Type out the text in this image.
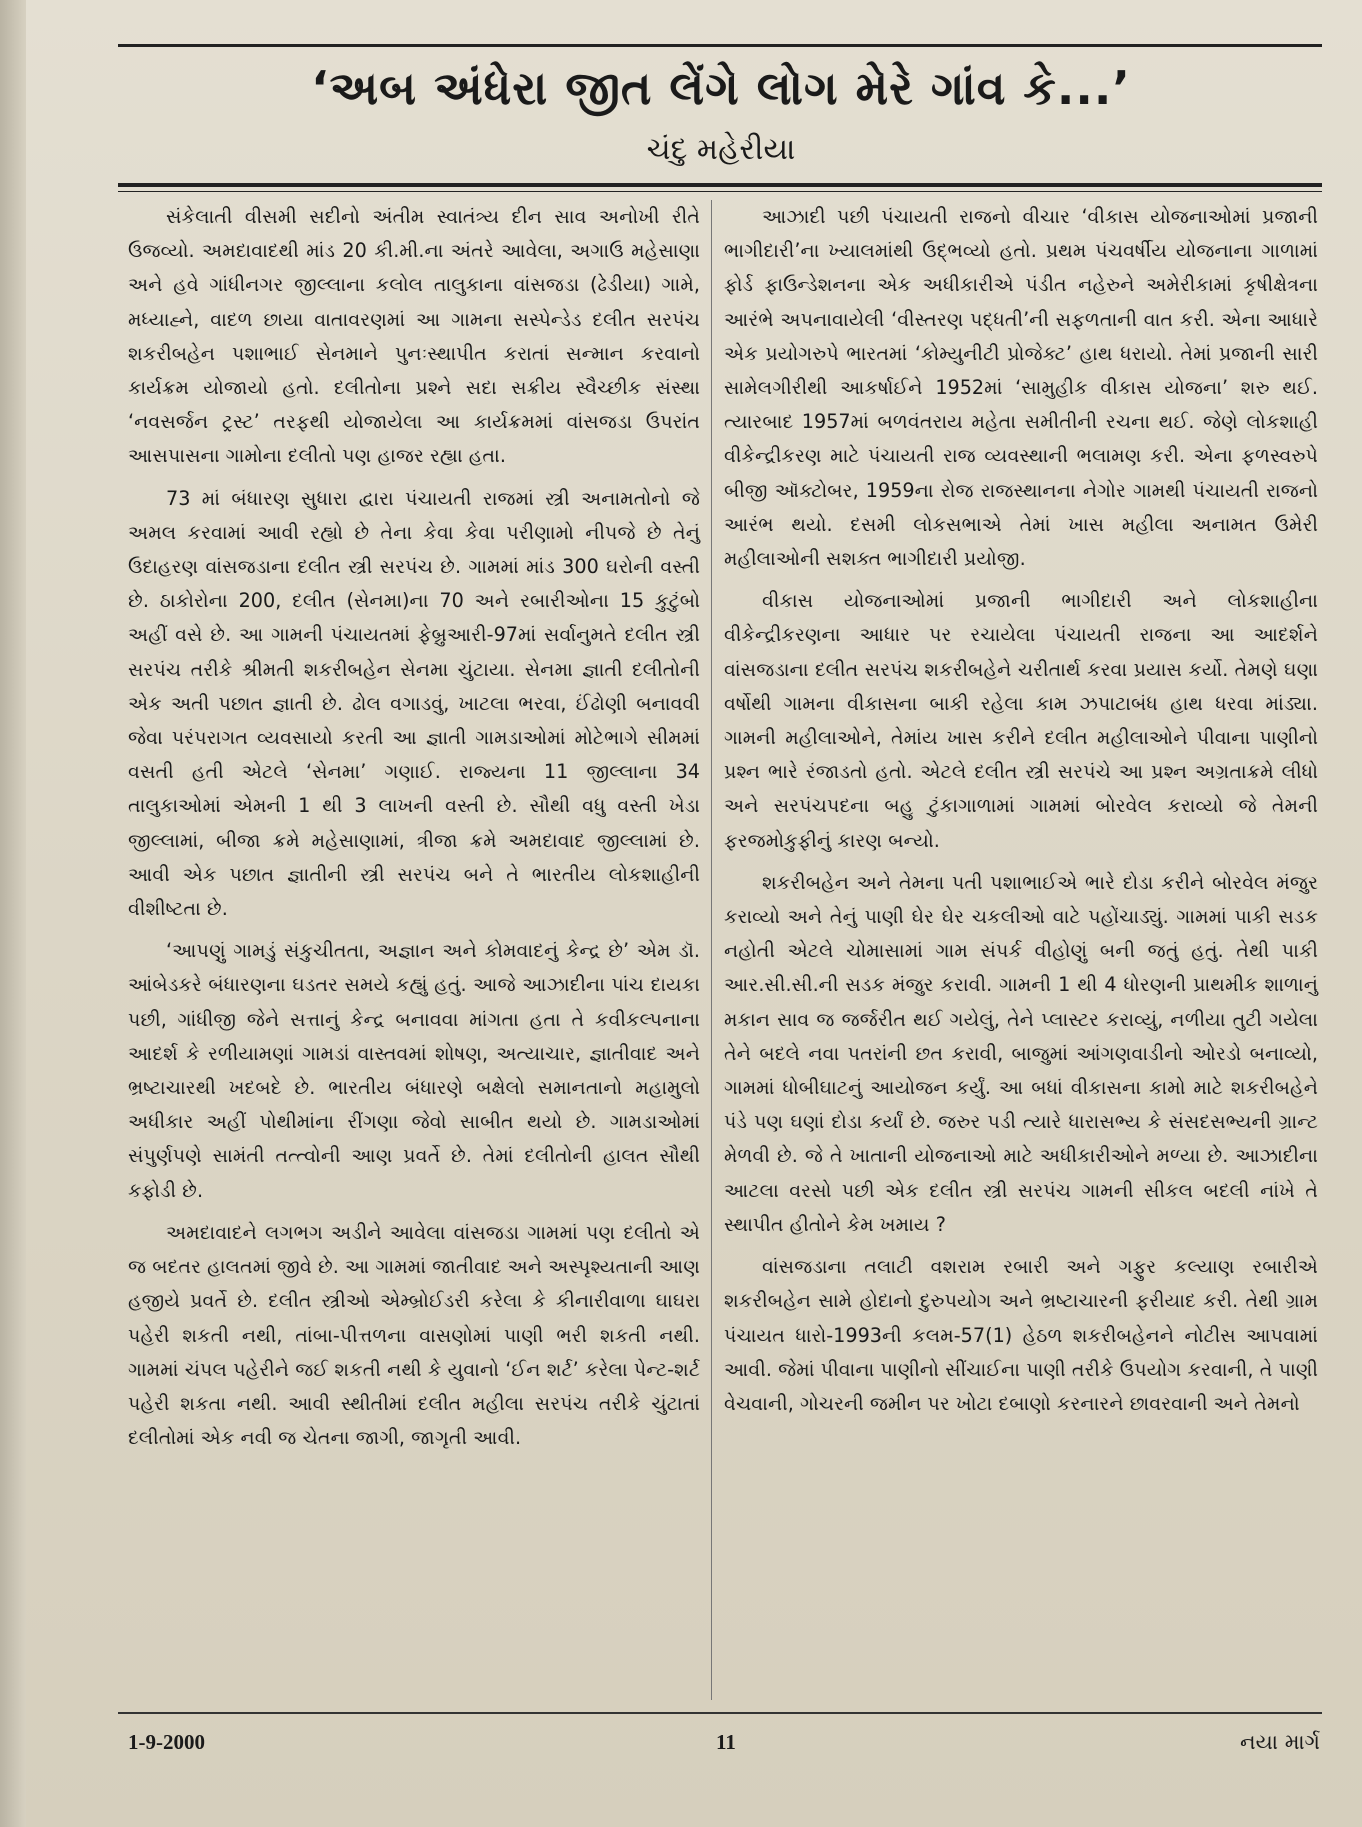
‘અબ અંધેરા જીત લેંગે લોગ મેરે ગાંવ કે...’
ચંદુ મહેરીયા

સંકેલાતી વીસમી સદીનો અંતીમ સ્વાતંત્ર્ય દીન સાવ અનોખી રીતે ઉજવ્યો. અમદાવાદથી માંડ 20 કી.મી.ના અંતરે આવેલા, અગાઉ મહેસાણા અને હવે ગાંધીનગર જીલ્લાના કલોલ તાલુકાના વાંસજડા (ઢેડીયા) ગામે, મધ્યાહ્ને, વાદળ છાયા વાતાવરણમાં આ ગામના સસ્પેન્ડેડ દલીત સરપંચ શકરીબહેન પશાભાઈ સેનમાને પુનઃસ્થાપીત કરાતાં સન્માન કરવાનો કાર્યક્રમ યોજાયો હતો. દલીતોના પ્રશ્ને સદા સક્રીય સ્વૈચ્છીક સંસ્થા ‘નવસર્જન ટ્રસ્ટ’ તરફથી યોજાયેલા આ કાર્યક્રમમાં વાંસજડા ઉપરાંત આસપાસના ગામોના દલીતો પણ હાજર રહ્યા હતા.

73 માં બંધારણ સુધારા દ્વારા પંચાયતી રાજમાં સ્ત્રી અનામતોનો જે અમલ કરવામાં આવી રહ્યો છે તેના કેવા કેવા પરીણામો નીપજે છે તેનું ઉદાહરણ વાંસજડાના દલીત સ્ત્રી સરપંચ છે. ગામમાં માંડ 300 ઘરોની વસ્તી છે. ઠાકોરોના 200, દલીત (સેનમા)ના 70 અને રબારીઓના 15 કુટુંબો અહીં વસે છે. આ ગામની પંચાયતમાં ફેબ્રુઆરી-97માં સર્વાનુમતે દલીત સ્ત્રી સરપંચ તરીકે શ્રીમતી શકરીબહેન સેનમા ચુંટાયા. સેનમા જ્ઞાતી દલીતોની એક અતી પછાત જ્ઞાતી છે. ઢોલ વગાડવું, ખાટલા ભરવા, ઈંઢોણી બનાવવી જેવા પરંપરાગત વ્યવસાયો કરતી આ જ્ઞાતી ગામડાઓમાં મોટેભાગે સીમમાં વસતી હતી એટલે ‘સેનમા’ ગણાઈ. રાજ્યના 11 જીલ્લાના 34 તાલુકાઓમાં એમની 1 થી 3 લાખની વસ્તી છે. સૌથી વધુ વસ્તી ખેડા જીલ્લામાં, બીજા ક્રમે મહેસાણામાં, ત્રીજા ક્રમે અમદાવાદ જીલ્લામાં છે. આવી એક પછાત જ્ઞાતીની સ્ત્રી સરપંચ બને તે ભારતીય લોકશાહીની વીશીષ્ટતા છે.

‘આપણું ગામડું સંકુચીતતા, અજ્ઞાન અને કોમવાદનું કેન્દ્ર છે’ એમ ડૉ. આંબેડકરે બંધારણના ઘડતર સમયે કહ્યું હતું. આજે આઝાદીના પાંચ દાયકા પછી, ગાંધીજી જેને સત્તાનું કેન્દ્ર બનાવવા માંગતા હતા તે કવીકલ્પનાના આદર્શ કે રળીયામણાં ગામડાં વાસ્તવમાં શોષણ, અત્યાચાર, જ્ઞાતીવાદ અને ભ્રષ્ટાચારથી ખદબદે છે. ભારતીય બંધારણે બક્ષેલો સમાનતાનો મહામુલો અધીકાર અહીં પોથીમાંના રીંગણા જેવો સાબીત થયો છે. ગામડાઓમાં સંપુર્ણપણે સામંતી તત્ત્વોની આણ પ્રવર્તે છે. તેમાં દલીતોની હાલત સૌથી કફોડી છે.

અમદાવાદને લગભગ અડીને આવેલા વાંસજડા ગામમાં પણ દલીતો એ જ બદતર હાલતમાં જીવે છે. આ ગામમાં જાતીવાદ અને અસ્પૃશ્યતાની આણ હજીયે પ્રવર્તે છે. દલીત સ્ત્રીઓ એમ્બ્રોઈડરી કરેલા કે કીનારીવાળા ઘાઘરા પહેરી શકતી નથી, તાંબા-પીત્તળના વાસણોમાં પાણી ભરી શકતી નથી. ગામમાં ચંપલ પહેરીને જઈ શકતી નથી કે યુવાનો ‘ઈન શર્ટ’ કરેલા પેન્ટ-શર્ટ પહેરી શકતા નથી. આવી સ્થીતીમાં દલીત મહીલા સરપંચ તરીકે ચુંટાતાં દલીતોમાં એક નવી જ ચેતના જાગી, જાગૃતી આવી.

આઝાદી પછી પંચાયતી રાજનો વીચાર ‘વીકાસ યોજનાઓમાં પ્રજાની ભાગીદારી’ના ખ્યાલમાંથી ઉદ્ભવ્યો હતો. પ્રથમ પંચવર્ષીય યોજનાના ગાળામાં ફોર્ડ ફાઉન્ડેશનના એક અધીકારીએ પંડીત નહેરુને અમેરીકામાં કૃષીક્ષેત્રના આરંભે અપનાવાયેલી ‘વીસ્તરણ પદ્ધતી’ની સફળતાની વાત કરી. એના આધારે એક પ્રયોગરુપે ભારતમાં ‘કોમ્યુનીટી પ્રોજેક્ટ’ હાથ ધરાયો. તેમાં પ્રજાની સારી સામેલગીરીથી આકર્ષાઈને 1952માં ‘સામુહીક વીકાસ યોજના’ શરુ થઈ. ત્યારબાદ 1957માં બળવંતરાય મહેતા સમીતીની રચના થઈ. જેણે લોકશાહી વીકેન્દ્રીકરણ માટે પંચાયતી રાજ વ્યવસ્થાની ભલામણ કરી. એના ફળસ્વરુપે બીજી ઑક્ટોબર, 1959ના રોજ રાજસ્થાનના નેગોર ગામથી પંચાયતી રાજનો આરંભ થયો. દસમી લોકસભાએ તેમાં ખાસ મહીલા અનામત ઉમેરી મહીલાઓની સશક્ત ભાગીદારી પ્રયોજી.

વીકાસ યોજનાઓમાં પ્રજાની ભાગીદારી અને લોકશાહીના વીકેન્દ્રીકરણના આધાર પર રચાયેલા પંચાયતી રાજના આ આદર્શને વાંસજડાના દલીત સરપંચ શકરીબહેને ચરીતાર્થ કરવા પ્રયાસ કર્યો. તેમણે ઘણા વર્ષોથી ગામના વીકાસના બાકી રહેલા કામ ઝપાટાબંધ હાથ ધરવા માંડ્યા. ગામની મહીલાઓને, તેમાંય ખાસ કરીને દલીત મહીલાઓને પીવાના પાણીનો પ્રશ્ન ભારે રંજાડતો હતો. એટલે દલીત સ્ત્રી સરપંચે આ પ્રશ્ન અગ્રતાક્રમે લીધો અને સરપંચપદના બહુ ટુંકાગાળામાં ગામમાં બોરવેલ કરાવ્યો જે તેમની ફરજમોકુફીનું કારણ બન્યો.

શકરીબહેન અને તેમના પતી પશાભાઈએ ભારે દોડા કરીને બોરવેલ મંજુર કરાવ્યો અને તેનું પાણી ઘેર ઘેર ચકલીઓ વાટે પહોંચાડ્યું. ગામમાં પાકી સડક નહોતી એટલે ચોમાસામાં ગામ સંપર્ક વીહોણું બની જતું હતું. તેથી પાકી આર.સી.સી.ની સડક મંજુર કરાવી. ગામની 1 થી 4 ધોરણની પ્રાથમીક શાળાનું મકાન સાવ જ જર્જરીત થઈ ગયેલું, તેને પ્લાસ્ટર કરાવ્યું, નળીયા તુટી ગયેલા તેને બદલે નવા પતરાંની છત કરાવી, બાજુમાં આંગણવાડીનો ઓરડો બનાવ્યો, ગામમાં ધોબીઘાટનું આયોજન કર્યું. આ બધાં વીકાસના કામો માટે શકરીબહેને પંડે પણ ઘણાં દોડા કર્યાં છે. જરુર પડી ત્યારે ધારાસભ્ય કે સંસદસભ્યની ગ્રાન્ટ મેળવી છે. જે તે ખાતાની યોજનાઓ માટે અધીકારીઓને મળ્યા છે. આઝાદીના આટલા વરસો પછી એક દલીત સ્ત્રી સરપંચ ગામની સીકલ બદલી નાંખે તે સ્થાપીત હીતોને કેમ ખમાય ?

વાંસજડાના તલાટી વશરામ રબારી અને ગફુર કલ્યાણ રબારીએ શકરીબહેન સામે હોદાનો દુરુપયોગ અને ભ્રષ્ટાચારની ફરીયાદ કરી. તેથી ગ્રામ પંચાયત ધારો-1993ની કલમ-57(1) હેઠળ શકરીબહેનને નોટીસ આપવામાં આવી. જેમાં પીવાના પાણીનો સીંચાઈના પાણી તરીકે ઉપયોગ કરવાની, તે પાણી વેચવાની, ગોચરની જમીન પર ખોટા દબાણો કરનારને છાવરવાની અને તેમનો

1-9-2000	11	નયા માર્ગ
